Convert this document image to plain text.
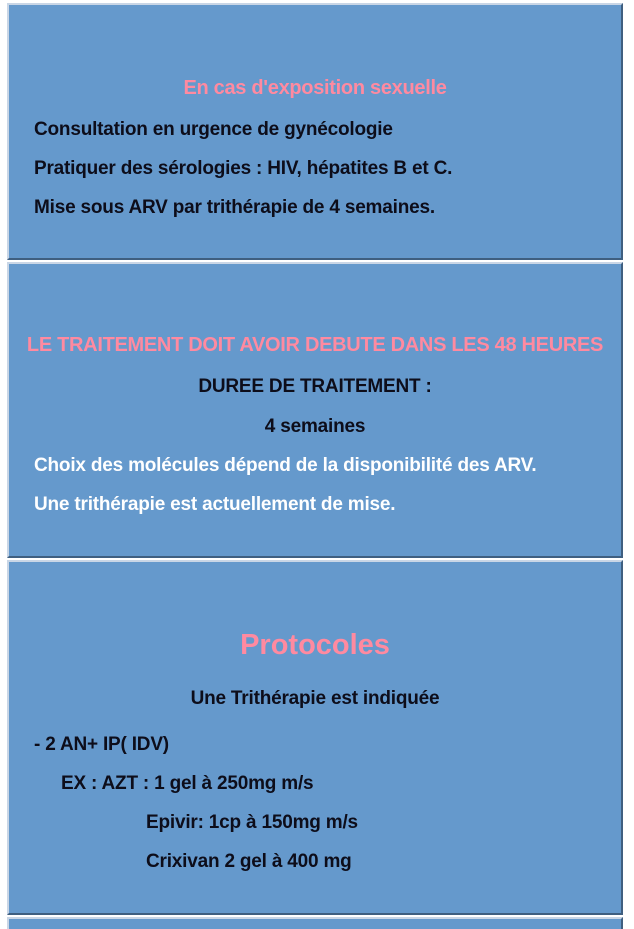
En cas d'exposition sexuelle
Consultation en urgence de gynécologie
Pratiquer des sérologies : HIV, hépatites B et C.
Mise sous ARV par trithérapie de 4 semaines.
LE TRAITEMENT DOIT AVOIR DEBUTE DANS LES 48 HEURES
DUREE DE TRAITEMENT :
4 semaines
Choix des molécules dépend de la disponibilité des ARV.
Une trithérapie est actuellement de mise.
Protocoles
Une Trithérapie est indiquée
- 2 AN+ IP( IDV)
EX : AZT : 1 gel à 250mg m/s
Epivir: 1cp à 150mg m/s
Crixivan 2 gel à 400 mg
